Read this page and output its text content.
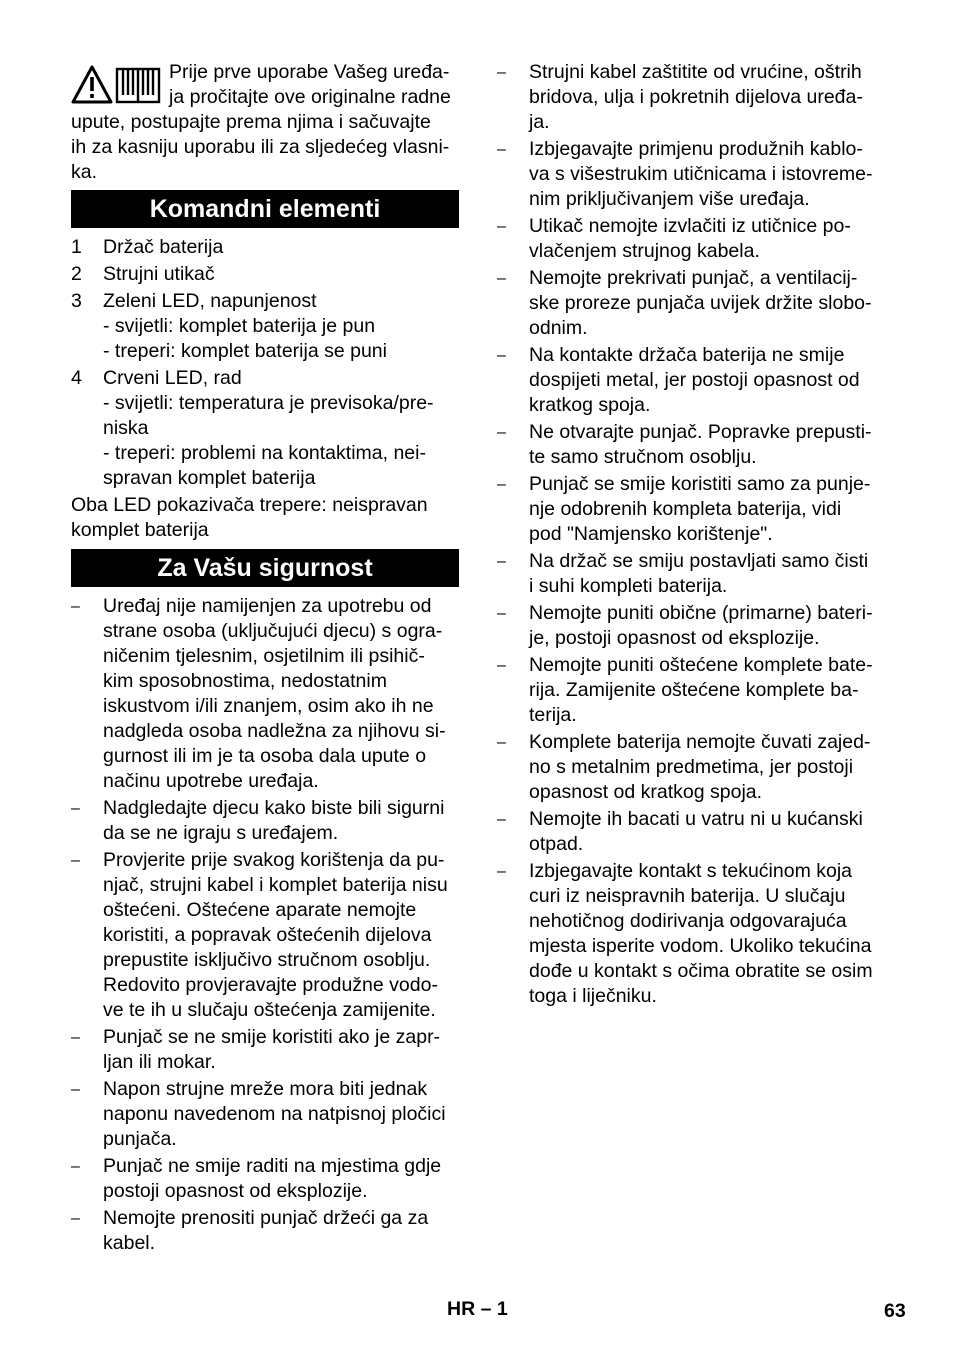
Prije prve uporabe Vašeg uređa-
ja pročitajte ove originalne radne
upute, postupajte prema njima i sačuvajte
ih za kasniju uporabu ili za sljedećeg vlasni-
ka.
Komandni elementi
1	Držač baterija
2	Strujni utikač
3	Zeleni LED, napunjenost
- svijetli: komplet baterija je pun
- treperi: komplet baterija se puni
4	Crveni LED, rad
- svijetli: temperatura je previsoka/pre-
niska
- treperi: problemi na kontaktima, nei-
spravan komplet baterija
Oba LED pokazivača trepere: neispravan
komplet baterija
Za Vašu sigurnost
–	Uređaj nije namijenjen za upotrebu od
strane osoba (uključujući djecu) s ogra-
ničenim tjelesnim, osjetilnim ili psihič-
kim sposobnostima, nedostatnim
iskustvom i/ili znanjem, osim ako ih ne
nadgleda osoba nadležna za njihovu si-
gurnost ili im je ta osoba dala upute o
načinu upotrebe uređaja.
–	Nadgledajte djecu kako biste bili sigurni
da se ne igraju s uređajem.
–	Provjerite prije svakog korištenja da pu-
njač, strujni kabel i komplet baterija nisu
oštećeni. Oštećene aparate nemojte
koristiti, a popravak oštećenih dijelova
prepustite isključivo stručnom osoblju.
Redovito provjeravajte produžne vodo-
ve te ih u slučaju oštećenja zamijenite.
–	Punjač se ne smije koristiti ako je zapr-
ljan ili mokar.
–	Napon strujne mreže mora biti jednak
naponu navedenom na natpisnoj pločici
punjača.
–	Punjač ne smije raditi na mjestima gdje
postoji opasnost od eksplozije.
–	Nemojte prenositi punjač držeći ga za
kabel.
–	Strujni kabel zaštitite od vrućine, oštrih
bridova, ulja i pokretnih dijelova uređa-
ja.
–	Izbjegavajte primjenu produžnih kablo-
va s višestrukim utičnicama i istovreme-
nim priključivanjem više uređaja.
–	Utikač nemojte izvlačiti iz utičnice po-
vlačenjem strujnog kabela.
–	Nemojte prekrivati punjač, a ventilacij-
ske proreze punjača uvijek držite slobo-
odnim.
–	Na kontakte držača baterija ne smije
dospijeti metal, jer postoji opasnost od
kratkog spoja.
–	Ne otvarajte punjač. Popravke prepusti-
te samo stručnom osoblju.
–	Punjač se smije koristiti samo za punje-
nje odobrenih kompleta baterija, vidi
pod "Namjensko korištenje".
–	Na držač se smiju postavljati samo čisti
i suhi kompleti baterija.
–	Nemojte puniti obične (primarne) bateri-
je, postoji opasnost od eksplozije.
–	Nemojte puniti oštećene komplete bate-
rija. Zamijenite oštećene komplete ba-
terija.
–	Komplete baterija nemojte čuvati zajed-
no s metalnim predmetima, jer postoji
opasnost od kratkog spoja.
–	Nemojte ih bacati u vatru ni u kućanski
otpad.
–	Izbjegavajte kontakt s tekućinom koja
curi iz neispravnih baterija. U slučaju
nehotičnog dodirivanja odgovarajuća
mjesta isperite vodom. Ukoliko tekućina
dođe u kontakt s očima obratite se osim
toga i liječniku.
HR – 1	63
